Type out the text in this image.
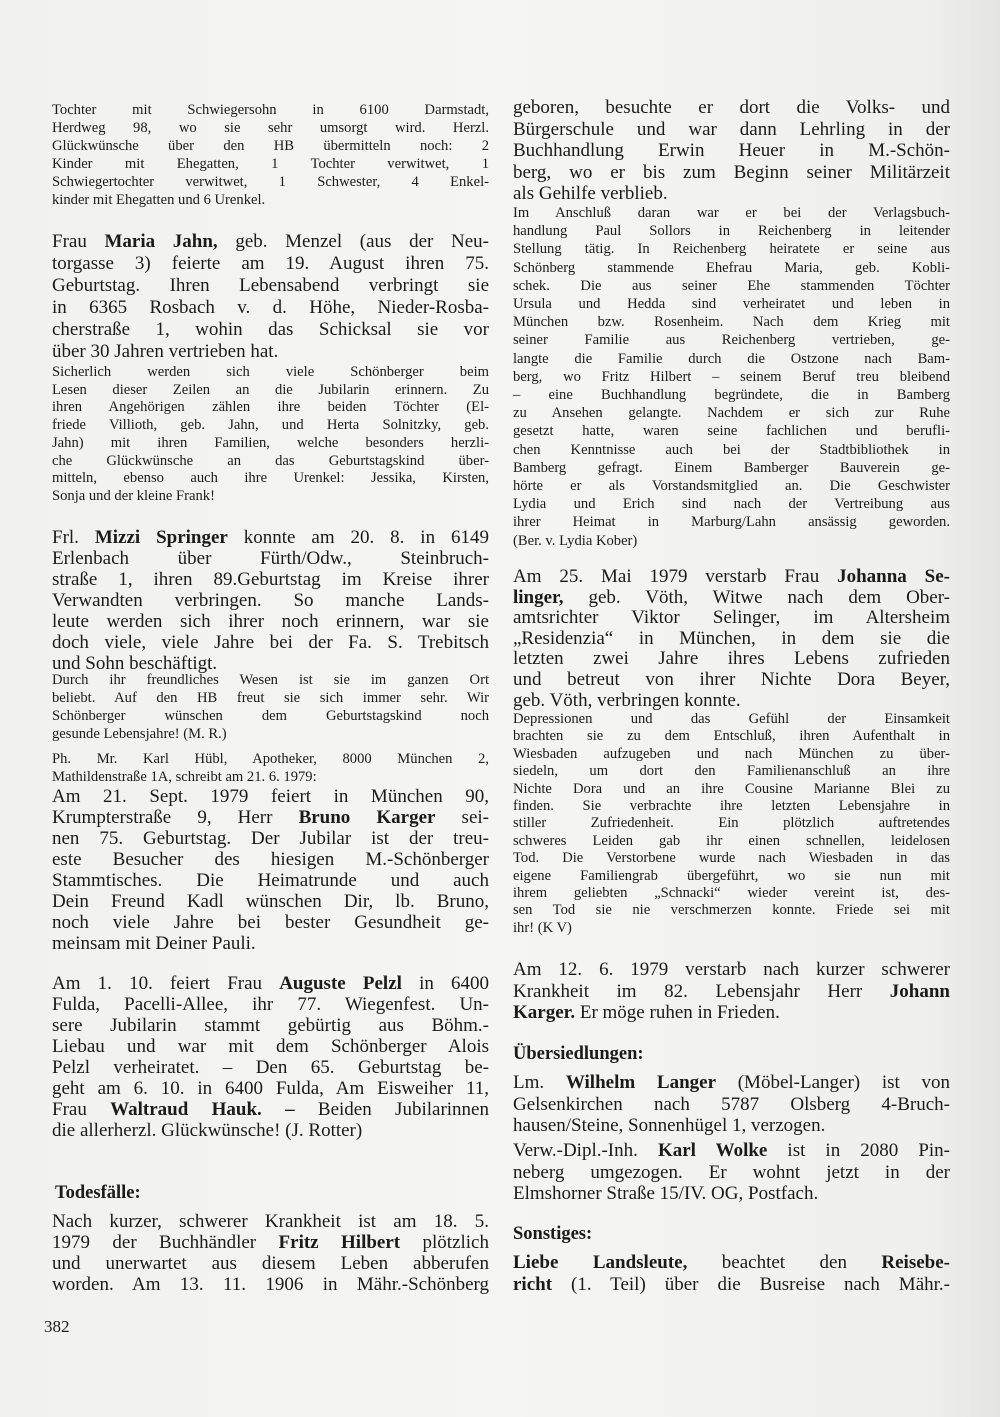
Tochter mit Schwiegersohn in 6100 Darmstadt,
Herdweg 98, wo sie sehr umsorgt wird. Herzl.
Glückwünsche über den HB übermitteln noch: 2
Kinder mit Ehegatten, 1 Tochter verwitwet, 1
Schwiegertochter verwitwet, 1 Schwester, 4 Enkel-
kinder mit Ehegatten und 6 Urenkel.
Frau Maria Jahn, geb. Menzel (aus der Neu-
torgasse 3) feierte am 19. August ihren 75.
Geburtstag. Ihren Lebensabend verbringt sie
in 6365 Rosbach v. d. Höhe, Nieder-Rosba-
cherstraße 1, wohin das Schicksal sie vor
über 30 Jahren vertrieben hat.
Sicherlich werden sich viele Schönberger beim
Lesen dieser Zeilen an die Jubilarin erinnern. Zu
ihren Angehörigen zählen ihre beiden Töchter (El-
friede Villioth, geb. Jahn, und Herta Solnitzky, geb.
Jahn) mit ihren Familien, welche besonders herzli-
che Glückwünsche an das Geburtstagskind über-
mitteln, ebenso auch ihre Urenkel: Jessika, Kirsten,
Sonja und der kleine Frank!
Frl. Mizzi Springer konnte am 20. 8. in 6149
Erlenbach über Fürth/Odw., Steinbruch-
straße 1, ihren 89.Geburtstag im Kreise ihrer
Verwandten verbringen. So manche Lands-
leute werden sich ihrer noch erinnern, war sie
doch viele, viele Jahre bei der Fa. S. Trebitsch
und Sohn beschäftigt.
Durch ihr freundliches Wesen ist sie im ganzen Ort
beliebt. Auf den HB freut sie sich immer sehr. Wir
Schönberger wünschen dem Geburtstagskind noch
gesunde Lebensjahre! (M. R.)
Ph. Mr. Karl Hübl, Apotheker, 8000 München 2,
Mathildenstraße 1A, schreibt am 21. 6. 1979:
Am 21. Sept. 1979 feiert in München 90,
Krumpterstraße 9, Herr Bruno Karger sei-
nen 75. Geburtstag. Der Jubilar ist der treu-
este Besucher des hiesigen M.-Schönberger
Stammtisches. Die Heimatrunde und auch
Dein Freund Kadl wünschen Dir, lb. Bruno,
noch viele Jahre bei bester Gesundheit ge-
meinsam mit Deiner Pauli.
Am 1. 10. feiert Frau Auguste Pelzl in 6400
Fulda, Pacelli-Allee, ihr 77. Wiegenfest. Un-
sere Jubilarin stammt gebürtig aus Böhm.-
Liebau und war mit dem Schönberger Alois
Pelzl verheiratet. – Den 65. Geburtstag be-
geht am 6. 10. in 6400 Fulda, Am Eisweiher 11,
Frau Waltraud Hauk. – Beiden Jubilarinnen
die allerherzl. Glückwünsche! (J. Rotter)
Todesfälle:
Nach kurzer, schwerer Krankheit ist am 18. 5.
1979 der Buchhändler Fritz Hilbert plötzlich
und unerwartet aus diesem Leben abberufen
worden. Am 13. 11. 1906 in Mähr.-Schönberg
geboren, besuchte er dort die Volks- und
Bürgerschule und war dann Lehrling in der
Buchhandlung Erwin Heuer in M.-Schön-
berg, wo er bis zum Beginn seiner Militärzeit
als Gehilfe verblieb.
Im Anschluß daran war er bei der Verlagsbuch-
handlung Paul Sollors in Reichenberg in leitender
Stellung tätig. In Reichenberg heiratete er seine aus
Schönberg stammende Ehefrau Maria, geb. Kobli-
schek. Die aus seiner Ehe stammenden Töchter
Ursula und Hedda sind verheiratet und leben in
München bzw. Rosenheim. Nach dem Krieg mit
seiner Familie aus Reichenberg vertrieben, ge-
langte die Familie durch die Ostzone nach Bam-
berg, wo Fritz Hilbert – seinem Beruf treu bleibend
– eine Buchhandlung begründete, die in Bamberg
zu Ansehen gelangte. Nachdem er sich zur Ruhe
gesetzt hatte, waren seine fachlichen und berufli-
chen Kenntnisse auch bei der Stadtbibliothek in
Bamberg gefragt. Einem Bamberger Bauverein ge-
hörte er als Vorstandsmitglied an. Die Geschwister
Lydia und Erich sind nach der Vertreibung aus
ihrer Heimat in Marburg/Lahn ansässig geworden.
(Ber. v. Lydia Kober)
Am 25. Mai 1979 verstarb Frau Johanna Se-
linger, geb. Vöth, Witwe nach dem Ober-
amtsrichter Viktor Selinger, im Altersheim
„Residenzia“ in München, in dem sie die
letzten zwei Jahre ihres Lebens zufrieden
und betreut von ihrer Nichte Dora Beyer,
geb. Vöth, verbringen konnte.
Depressionen und das Gefühl der Einsamkeit
brachten sie zu dem Entschluß, ihren Aufenthalt in
Wiesbaden aufzugeben und nach München zu über-
siedeln, um dort den Familienanschluß an ihre
Nichte Dora und an ihre Cousine Marianne Blei zu
finden. Sie verbrachte ihre letzten Lebensjahre in
stiller Zufriedenheit. Ein plötzlich auftretendes
schweres Leiden gab ihr einen schnellen, leidelosen
Tod. Die Verstorbene wurde nach Wiesbaden in das
eigene Familiengrab übergeführt, wo sie nun mit
ihrem geliebten „Schnacki“ wieder vereint ist, des-
sen Tod sie nie verschmerzen konnte. Friede sei mit
ihr! (K V)
Am 12. 6. 1979 verstarb nach kurzer schwerer
Krankheit im 82. Lebensjahr Herr Johann
Karger. Er möge ruhen in Frieden.
Übersiedlungen:
Lm. Wilhelm Langer (Möbel-Langer) ist von
Gelsenkirchen nach 5787 Olsberg 4-Bruch-
hausen/Steine, Sonnenhügel 1, verzogen.
Verw.-Dipl.-Inh. Karl Wolke ist in 2080 Pin-
neberg umgezogen. Er wohnt jetzt in der
Elmshorner Straße 15/IV. OG, Postfach.
Sonstiges:
Liebe Landsleute, beachtet den Reisebe-
richt (1. Teil) über die Busreise nach Mähr.-
382
